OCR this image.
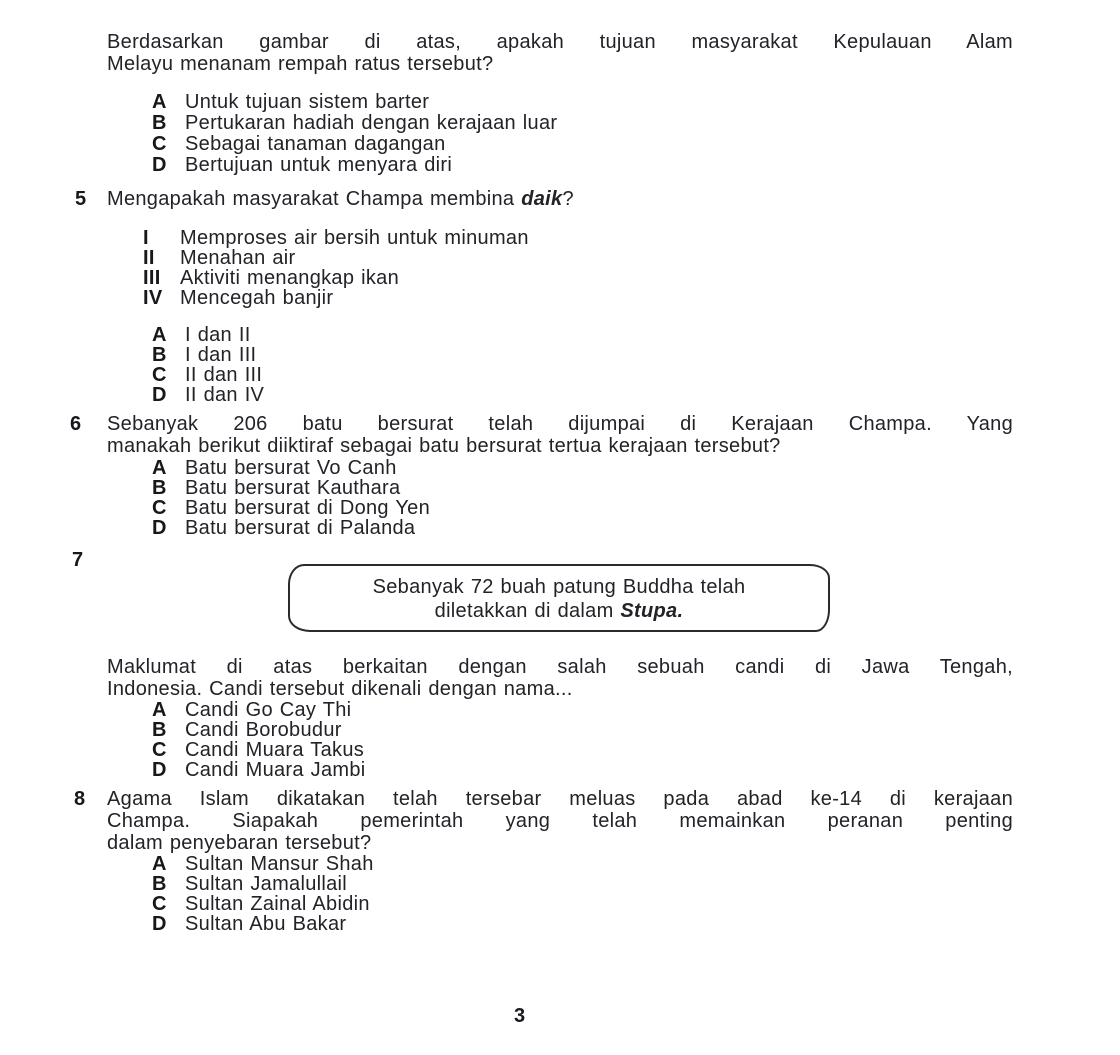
Berdasarkan gambar di atas, apakah tujuan masyarakat Kepulauan Alam
Melayu menanam rempah ratus tersebut?
A Untuk tujuan sistem barter
B Pertukaran hadiah dengan kerajaan luar
C Sebagai tanaman dagangan
D Bertujuan untuk menyara diri
5 Mengapakah masyarakat Champa membina daik?
I	Memproses air bersih untuk minuman
II	Menahan air
III Aktiviti menangkap ikan
IV Mencegah banjir
A I dan II
B I dan III
C II dan III
D II dan IV
6 Sebanyak 206 batu bersurat telah dijumpai di Kerajaan Champa. Yang
manakah berikut diiktiraf sebagai batu bersurat tertua kerajaan tersebut?
A Batu bersurat Vo Canh
B Batu bersurat Kauthara
C Batu bersurat di Dong Yen
D Batu bersurat di Palanda
7
Sebanyak 72 buah patung Buddha telah
diletakkan di dalam Stupa.
Maklumat di atas berkaitan dengan salah sebuah candi di Jawa Tengah,
Indonesia. Candi tersebut dikenali dengan nama...
A Candi Go Cay Thi
B Candi Borobudur
C Candi Muara Takus
D Candi Muara Jambi
8 Agama Islam dikatakan telah tersebar meluas pada abad ke-14 di kerajaan
Champa. Siapakah pemerintah yang telah memainkan peranan penting
dalam penyebaran tersebut?
A Sultan Mansur Shah
B Sultan Jamalullail
C Sultan Zainal Abidin
D Sultan Abu Bakar
3
